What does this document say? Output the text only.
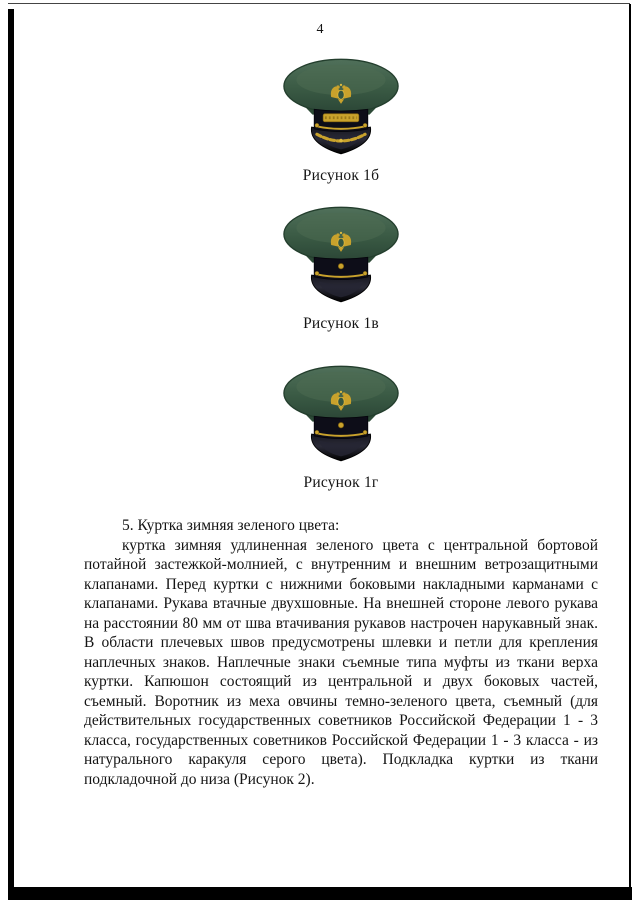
4
Рисунок 1б
Рисунок 1в
Рисунок 1г

5. Куртка зимняя зеленого цвета:

куртка зимняя удлиненная зеленого цвета с центральной бортовой потайной застежкой-молнией, с внутренним и внешним ветрозащитными клапанами. Перед куртки с нижними боковыми накладными карманами с клапанами. Рукава втачные двухшовные. На внешней стороне левого рукава на расстоянии 80 мм от шва втачивания рукавов настрочен нарукавный знак. В области плечевых швов предусмотрены шлевки и петли для крепления наплечных знаков. Наплечные знаки съемные типа муфты из ткани верха куртки. Капюшон состоящий из центральной и двух боковых частей, съемный. Воротник из меха овчины темно-зеленого цвета, съемный (для действительных государственных советников Российской Федерации 1 - 3 класса, государственных советников Российской Федерации 1 - 3 класса - из натурального каракуля серого цвета). Подкладка куртки из ткани подкладочной до низа (Рисунок 2).
